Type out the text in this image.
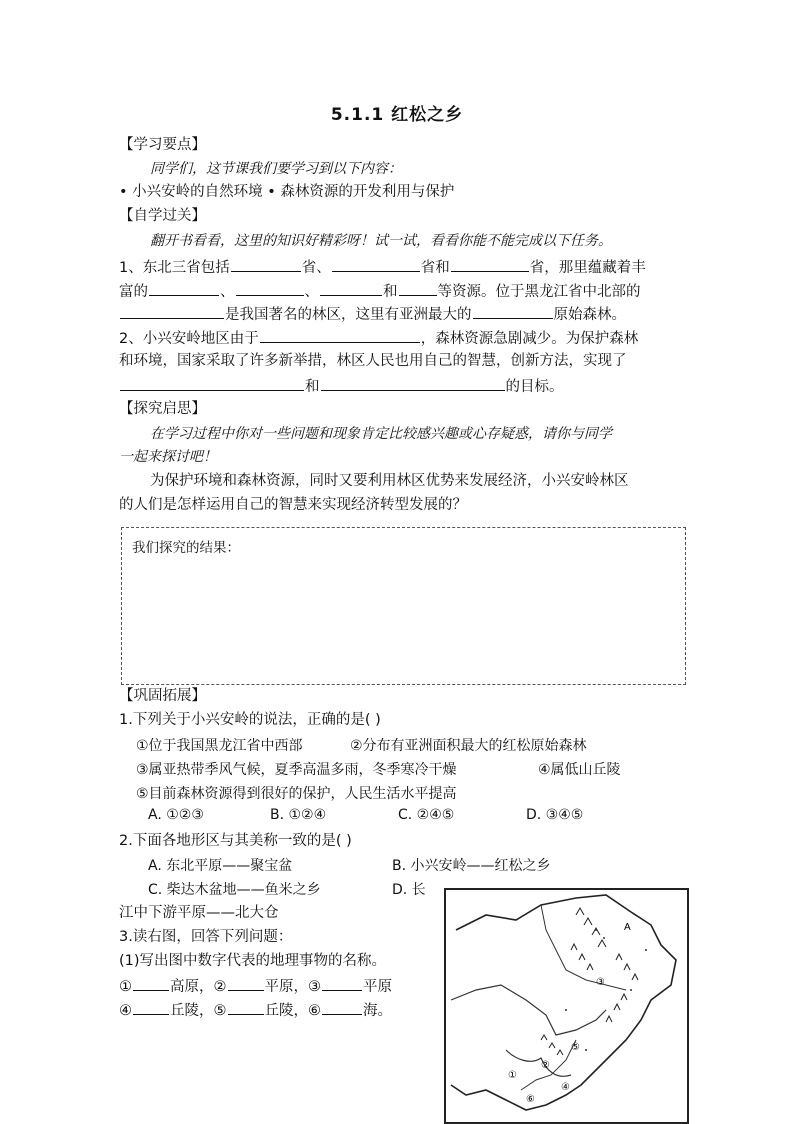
5.1.1 红松之乡
【学习要点】
同学们，这节课我们要学习到以下内容：
• 小兴安岭的自然环境 • 森林资源的开发利用与保护
【自学过关】
翻开书看看，这里的知识好精彩呀！试一试，看看你能不能完成以下任务。
1、东北三省包括	省、	省和	省，那里蕴藏着丰
富的	、	、	和	等资源。位于黑龙江省中北部的
是我国著名的林区，这里有亚洲最大的	原始森林。
2、小兴安岭地区由于	，森林资源急剧减少。为保护森林
和环境，国家采取了许多新举措，林区人民也用自己的智慧，创新方法，实现了
和	的目标。
【探究启思】
在学习过程中你对一些问题和现象肯定比较感兴趣或心存疑惑，请你与同学
一起来探讨吧！
为保护环境和森林资源，同时又要利用林区优势来发展经济，小兴安岭林区
的人们是怎样运用自己的智慧来实现经济转型发展的？
我们探究的结果：
【巩固拓展】
1.下列关于小兴安岭的说法，正确的是( )
①位于我国黑龙江省中西部	②分布有亚洲面积最大的红松原始森林
③属亚热带季风气候，夏季高温多雨，冬季寒冷干燥	④属低山丘陵
⑤目前森林资源得到很好的保护，人民生活水平提高
A. ①②③	B. ①②④	C. ②④⑤	D. ③④⑤
2.下面各地形区与其美称一致的是( )
A. 东北平原——聚宝盆	B. 小兴安岭——红松之乡
C. 柴达木盆地——鱼米之乡	D. 长
江中下游平原——北大仓
3.读右图，回答下列问题：
(1)写出图中数字代表的地理事物的名称。
①	高原，②	平原，③	平原
④	丘陵，⑤	丘陵，⑥	海。
A
①
②
③
④
⑤
⑥
